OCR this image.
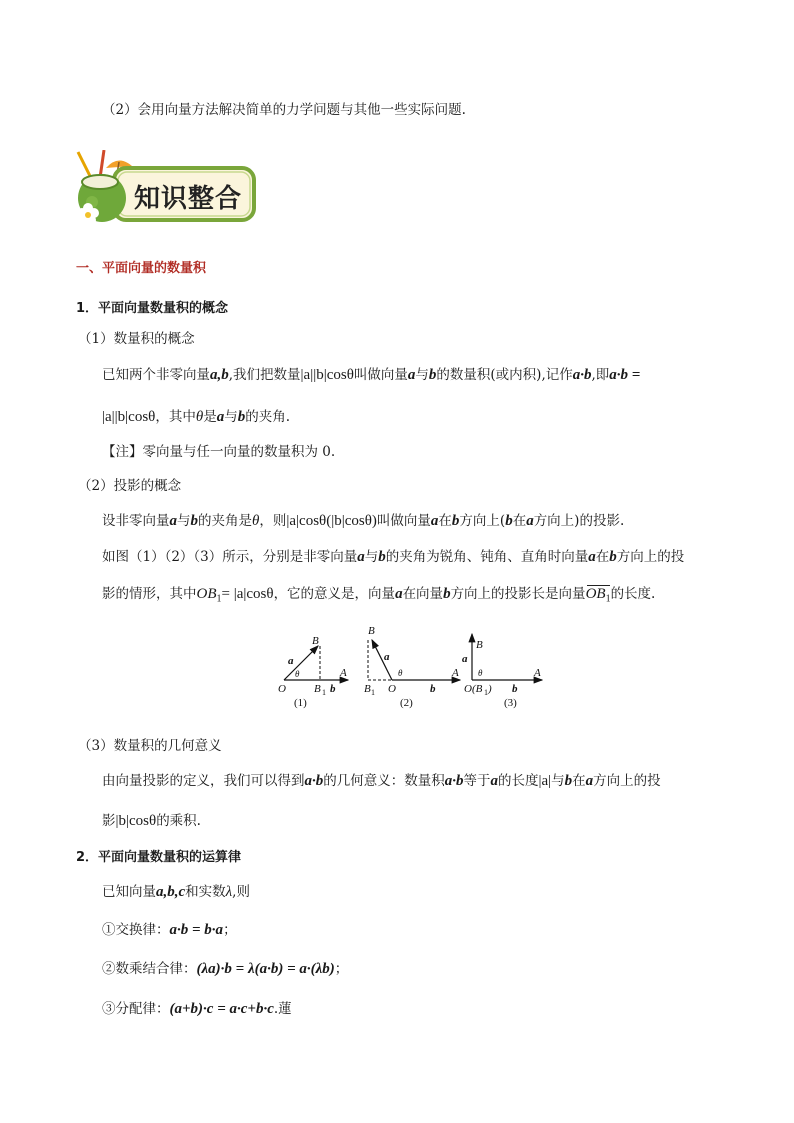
（2）会用向量方法解决简单的力学问题与其他一些实际问题.
知识整合
一、平面向量的数量积
1．平面向量数量积的概念
（1）数量积的概念
已知两个非零向量a,b,我们把数量|a||b|cosθ叫做向量a与b的数量积(或内积),记作a·b,即a·b =
|a||b|cosθ，其中θ是a与b的夹角.
【注】零向量与任一向量的数量积为 0.
（2）投影的概念
设非零向量a与b的夹角是θ，则|a|cosθ(|b|cosθ)叫做向量a在b方向上(b在a方向上)的投影.
如图（1）（2）（3）所示，分别是非零向量a与b的夹角为锐角、钝角、直角时向量a在b方向上的投
影的情形，其中$OB_1= |a|\cos\theta$，它的意义是，向量a在向量b方向上的投影长是向量$OB_1$的长度.
O
A
B
B 1 b
a
θ
(1)
B 1 O
A
B
a
θ
b
(2)
O(B 1 )
A
B
a
θ
b
(3)
（3）数量积的几何意义
由向量投影的定义，我们可以得到a·b的几何意义：数量积a·b等于a的长度|a|与b在a方向上的投
影|b|cosθ的乘积.
2．平面向量数量积的运算律
已知向量a,b,c和实数λ,则
①交换律：a·b = b·a；
②数乘结合律：(λa)·b = λ(a·b) = a·(λb)；
③分配律：(a+b)·c = a·c+b·c.蓮
